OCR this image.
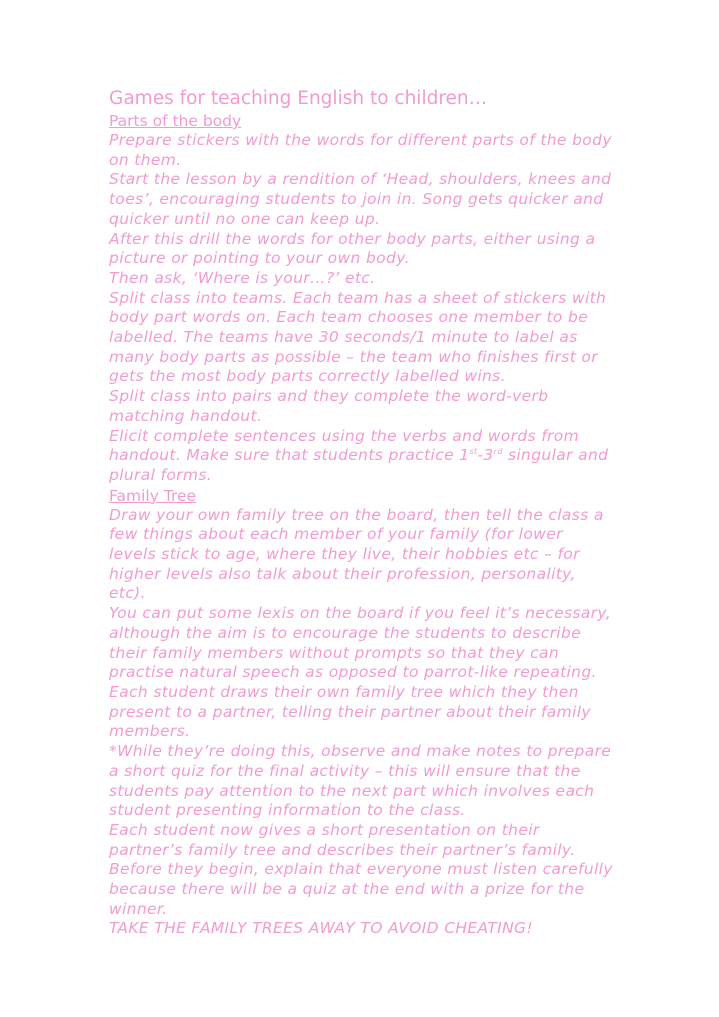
Games for teaching English to children…

Parts of the body

Prepare stickers with the words for different parts of the body on them.

Start the lesson by a rendition of ‘Head, shoulders, knees and toes’, encouraging students to join in. Song gets quicker and quicker until no one can keep up.

After this drill the words for other body parts, either using a picture or pointing to your own body.

Then ask, ‘Where is your…?’ etc.

Split class into teams. Each team has a sheet of stickers with body part words on. Each team chooses one member to be labelled. The teams have 30 seconds/1 minute to label as many body parts as possible – the team who finishes first or gets the most body parts correctly labelled wins.

Split class into pairs and they complete the word-verb matching handout.

Elicit complete sentences using the verbs and words from handout. Make sure that students practice 1st-3rd singular and plural forms.

Family Tree

Draw your own family tree on the board, then tell the class a few things about each member of your family (for lower levels stick to age, where they live, their hobbies etc – for higher levels also talk about their profession, personality, etc).

You can put some lexis on the board if you feel it’s necessary, although the aim is to encourage the students to describe their family members without prompts so that they can practise natural speech as opposed to parrot-like repeating.

Each student draws their own family tree which they then present to a partner, telling their partner about their family members.

*While they’re doing this, observe and make notes to prepare a short quiz for the final activity – this will ensure that the students pay attention to the next part which involves each student presenting information to the class.

Each student now gives a short presentation on their partner’s family tree and describes their partner’s family. Before they begin, explain that everyone must listen carefully because there will be a quiz at the end with a prize for the winner.

TAKE THE FAMILY TREES AWAY TO AVOID CHEATING!
